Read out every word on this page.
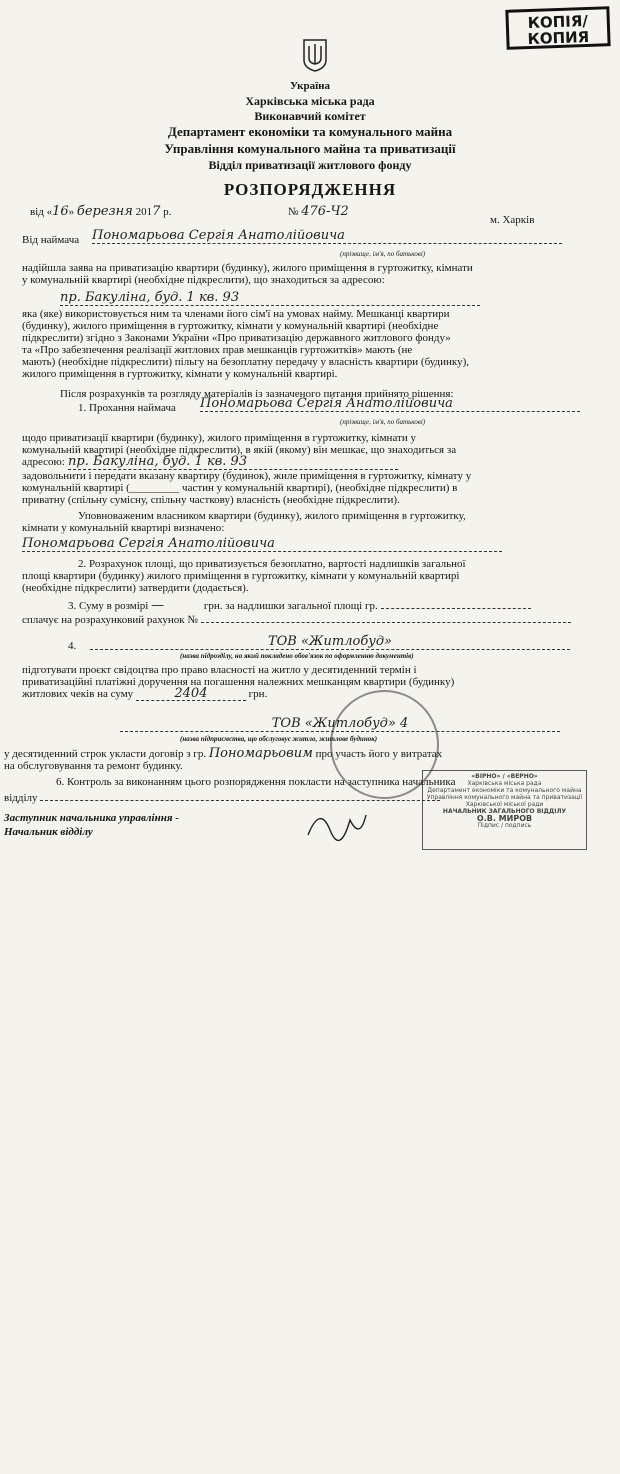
КОПІЯ/
КОПИЯ
Україна
Харківська міська рада
Виконавчий комітет
Департамент економіки та комунального майна
Управління комунального майна та приватизації
Відділ приватизації житлового фонду
РОЗПОРЯДЖЕННЯ
від «16» березня 2017 р.	№ 476-Ч2
м. Харків
Від наймача Пономарьова Сергія Анатолійовича
(прізвище, ім'я, по батькові)
надійшла заява на приватизацію квартири (будинку), жилого приміщення в гуртожитку, кімнати
у комунальній квартирі (необхідне підкреслити), що знаходиться за адресою:
пр. Бакуліна, буд. 1 кв. 93
яка (яке) використовується ним та членами його сім'ї на умовах найму. Мешканці квартири
(будинку), жилого приміщення в гуртожитку, кімнати у комунальній квартирі (необхідне
підкреслити) згідно з Законами України «Про приватизацію державного житлового фонду»
та «Про забезпечення реалізації житлових прав мешканців гуртожитків» мають (не
мають) (необхідне підкреслити) пільгу на безоплатну передачу у власність квартири (будинку),
жилого приміщення в гуртожитку, кімнати у комунальній квартирі.
Після розрахунків та розгляду матеріалів із зазначеного питання прийнято рішення:
1. Прохання наймача Пономарьова Сергія Анатолійовича
(прізвище, ім'я, по батькові)
щодо приватизації квартири (будинку), жилого приміщення в гуртожитку, кімнати у
комунальній квартирі (необхідне підкреслити), в якій (якому) він мешкає, що знаходиться за
адресою: пр. Бакуліна, буд. 1 кв. 93
задовольнити і передати вказану квартиру (будинок), жиле приміщення в гуртожитку, кімнату у
комунальній квартирі (_________ частин у комунальній квартирі), (необхідне підкреслити) в
приватну (спільну сумісну, спільну часткову) власність (необхідне підкреслити).
Уповноваженим власником квартири (будинку), жилого приміщення в гуртожитку,
кімнати у комунальній квартирі визначено:
Пономарьова Сергія Анатолійовича
2. Розрахунок площі, що приватизується безоплатно, вартості надлишків загальної
площі квартири (будинку) жилого приміщення в гуртожитку, кімнати у комунальній квартирі
(необхідне підкреслити) затвердити (додається).
3. Суму в розмірі —	грн. за надлишки загальної площі гр.
сплачує на розрахунковий рахунок №
4.	ТОВ «Житлобуд»
(назва підрозділу, на який покладено обов'язок по оформленню документів)
підготувати проєкт свідоцтва про право власності на житло у десятиденний термін і
приватизаційні платіжні доручення на погашення належних мешканцям квартири (будинку)
житлових чеків на суму	2404	грн.
ТОВ «Житлобуд» 4
(назва підприємства, що обслуговує житло, житлове будинок)
у десятиденний строк укласти договір з гр. Пономарьовим про участь його у витратах
на обслуговування та ремонт будинку.
6. Контроль за виконанням цього розпорядження покласти на заступника начальника
відділу
Заступник начальника управління -
Начальник відділу
«ВІРНО» / «ВЕРНО»
Харківська міська рада
Департамент економіки та комунального майна
Управління комунального майна та приватизації
Харківської міської ради
НАЧАЛЬНИК ЗАГАЛЬНОГО ВІДДІЛУ
О.В. МИРОВ
Підпис / подпись
